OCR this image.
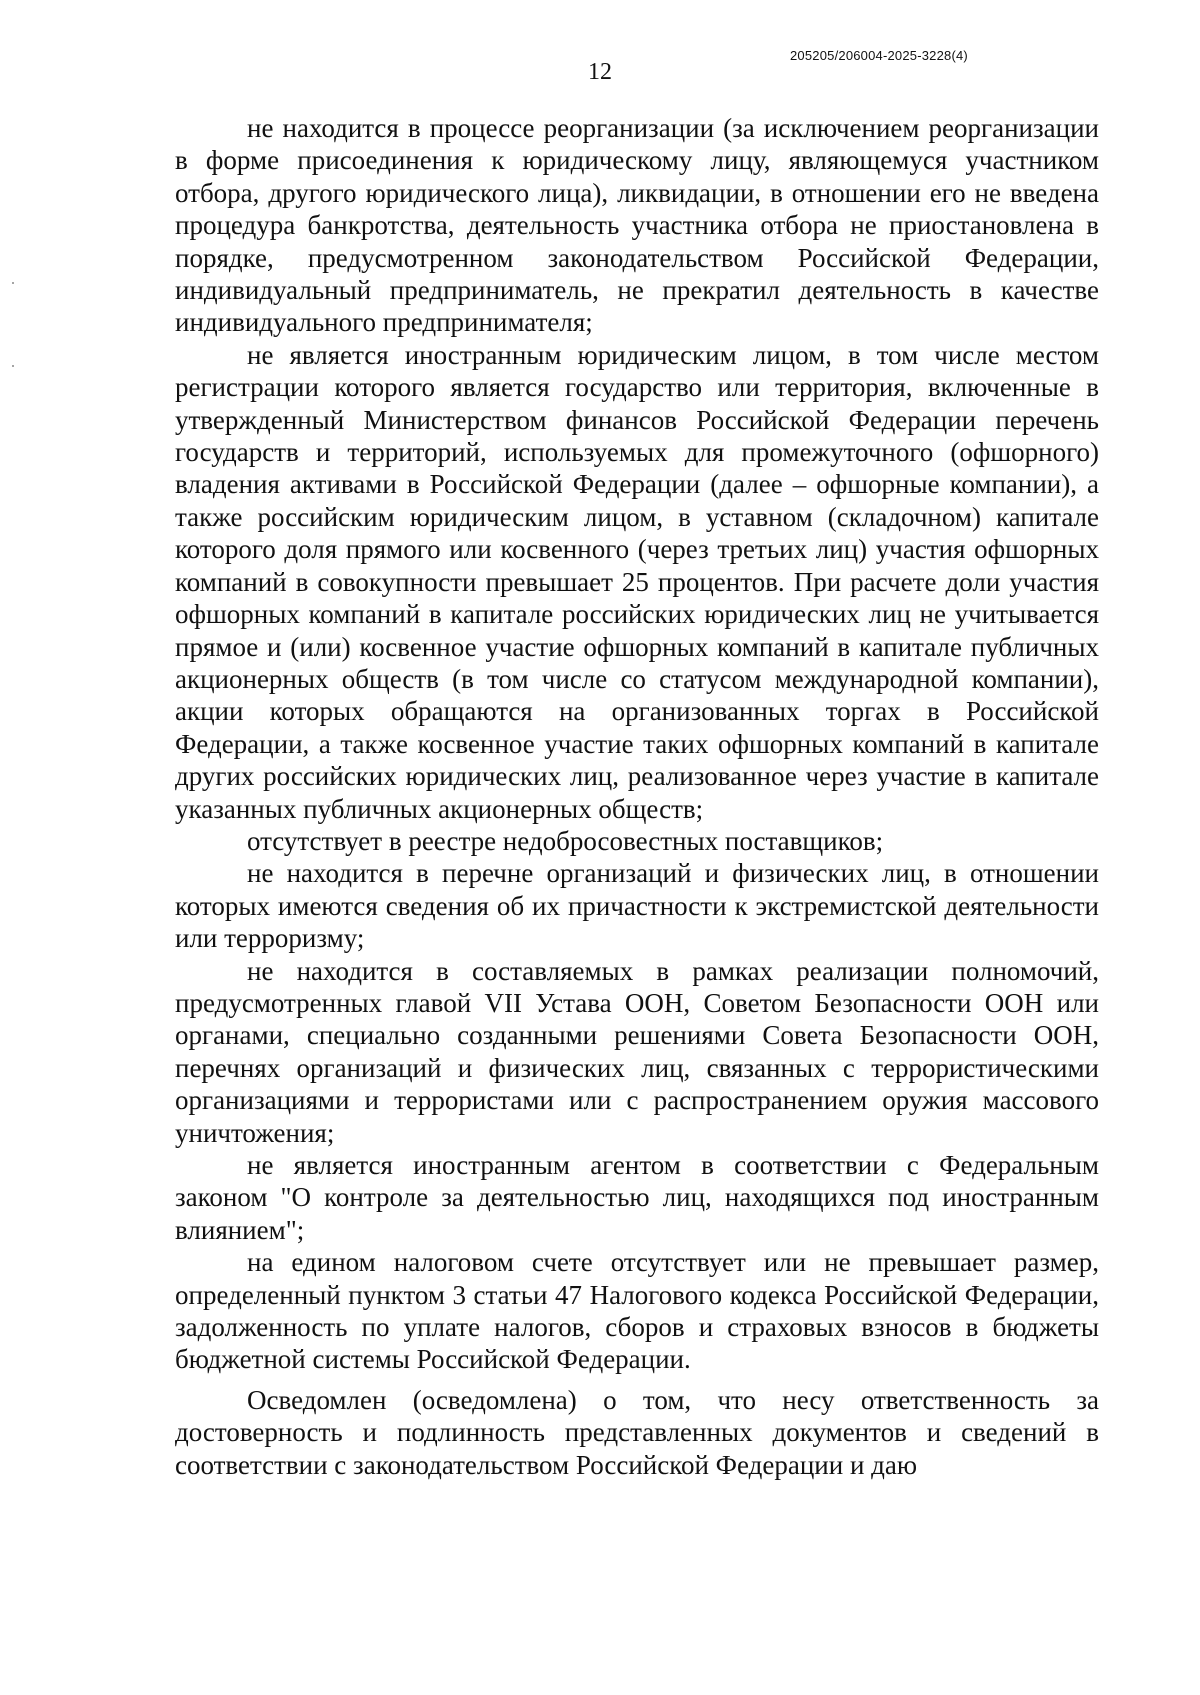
12
205205/206004-2025-3228(4)

не находится в процессе реорганизации (за исключением реорганизации в форме присоединения к юридическому лицу, являющемуся участником отбора, другого юридического лица), ликвидации, в отношении его не введена процедура банкротства, деятельность участника отбора не приостановлена в порядке, предусмотренном законодательством Российской Федерации, индивидуальный предприниматель, не прекратил деятельность в качестве индивидуального предпринимателя;

не является иностранным юридическим лицом, в том числе местом регистрации которого является государство или территория, включенные в утвержденный Министерством финансов Российской Федерации перечень государств и территорий, используемых для промежуточного (офшорного) владения активами в Российской Федерации (далее – офшорные компании), а также российским юридическим лицом, в уставном (складочном) капитале которого доля прямого или косвенного (через третьих лиц) участия офшорных компаний в совокупности превышает 25 процентов. При расчете доли участия офшорных компаний в капитале российских юридических лиц не учитывается прямое и (или) косвенное участие офшорных компаний в капитале публичных акционерных обществ (в том числе со статусом международной компании), акции которых обращаются на организованных торгах в Российской Федерации, а также косвенное участие таких офшорных компаний в капитале других российских юридических лиц, реализованное через участие в капитале указанных публичных акционерных обществ;

отсутствует в реестре недобросовестных поставщиков;

не находится в перечне организаций и физических лиц, в отношении которых имеются сведения об их причастности к экстремистской деятельности или терроризму;

не находится в составляемых в рамках реализации полномочий, предусмотренных главой VII Устава ООН, Советом Безопасности ООН или органами, специально созданными решениями Совета Безопасности ООН, перечнях организаций и физических лиц, связанных с террористическими организациями и террористами или с распространением оружия массового уничтожения;

не является иностранным агентом в соответствии с Федеральным законом "О контроле за деятельностью лиц, находящихся под иностранным влиянием";

на едином налоговом счете отсутствует или не превышает размер, определенный пунктом 3 статьи 47 Налогового кодекса Российской Федерации, задолженность по уплате налогов, сборов и страховых взносов в бюджеты бюджетной системы Российской Федерации.

Осведомлен (осведомлена) о том, что несу ответственность за достоверность и подлинность представленных документов и сведений в соответствии с законодательством Российской Федерации и даю
